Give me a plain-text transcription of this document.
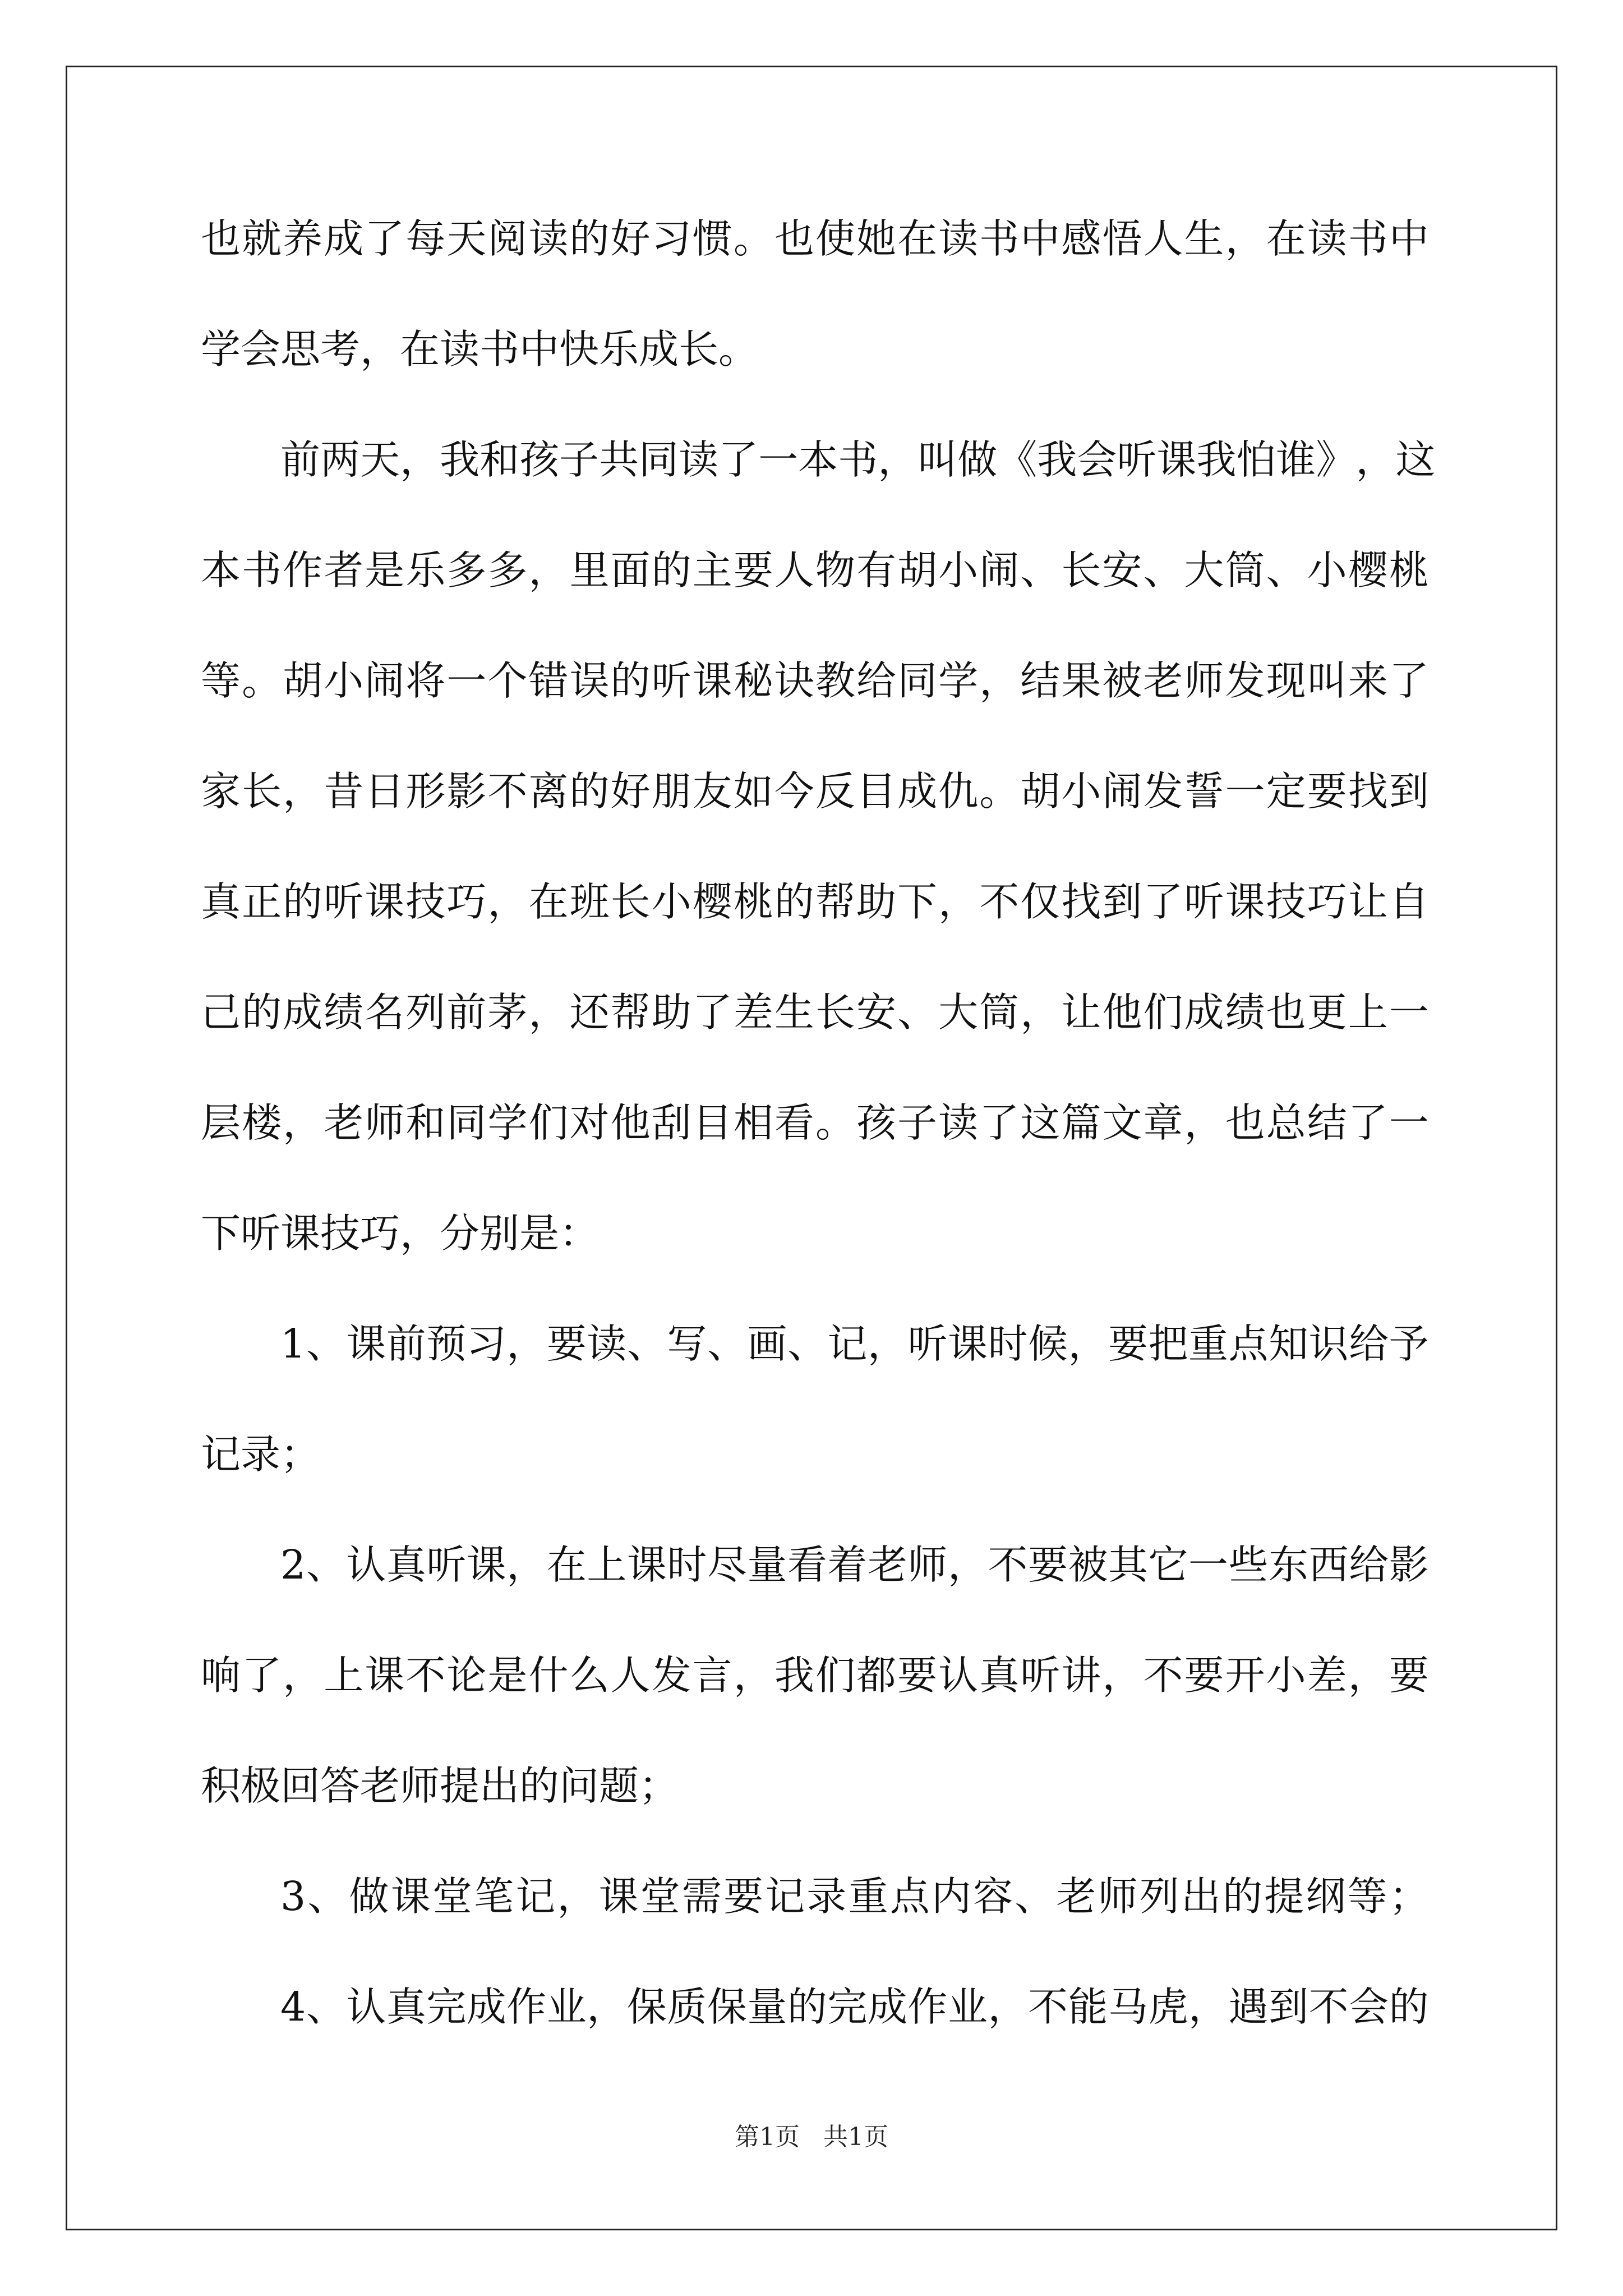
也 就 养 成 了 每 天 阅 读 的 好 习 惯 。 也 使 她 在 读 书 中 感 悟 人 生 ， 在 读 书 中
学会思考，在读书中快乐成长。
前 两 天 ， 我 和 孩 子 共 同 读 了 一 本 书 ， 叫 做 《 我 会 听 课 我 怕 谁 》 ， 这
本 书 作 者 是 乐 多 多 ， 里 面 的 主 要 人 物 有 胡 小 闹 、 长 安 、 大 筒 、 小 樱 桃
等 。 胡 小 闹 将 一 个 错 误 的 听 课 秘 诀 教 给 同 学 ， 结 果 被 老 师 发 现 叫 来 了
家 长 ， 昔 日 形 影 不 离 的 好 朋 友 如 今 反 目 成 仇 。 胡 小 闹 发 誓 一 定 要 找 到
真 正 的 听 课 技 巧 ， 在 班 长 小 樱 桃 的 帮 助 下 ， 不 仅 找 到 了 听 课 技 巧 让 自
己 的 成 绩 名 列 前 茅 ， 还 帮 助 了 差 生 长 安 、 大 筒 ， 让 他 们 成 绩 也 更 上 一
层 楼 ， 老 师 和 同 学 们 对 他 刮 目 相 看 。 孩 子 读 了 这 篇 文 章 ， 也 总 结 了 一
下听课技巧，分别是：
1 、 课 前 预 习 ， 要 读 、 写 、 画 、 记 ， 听 课 时 候 ， 要 把 重 点 知 识 给 予
记录；
2 、 认 真 听 课 ， 在 上 课 时 尽 量 看 着 老 师 ， 不 要 被 其 它 一 些 东 西 给 影
响 了 ， 上 课 不 论 是 什 么 人 发 言 ， 我 们 都 要 认 真 听 讲 ， 不 要 开 小 差 ， 要
积极回答老师提出的问题；
3 、 做 课 堂 笔 记 ， 课 堂 需 要 记 录 重 点 内 容 、 老 师 列 出 的 提 纲 等 ；
4 、 认 真 完 成 作 业 ， 保 质 保 量 的 完 成 作 业 ， 不 能 马 虎 ， 遇 到 不 会 的
第1页   共1页
